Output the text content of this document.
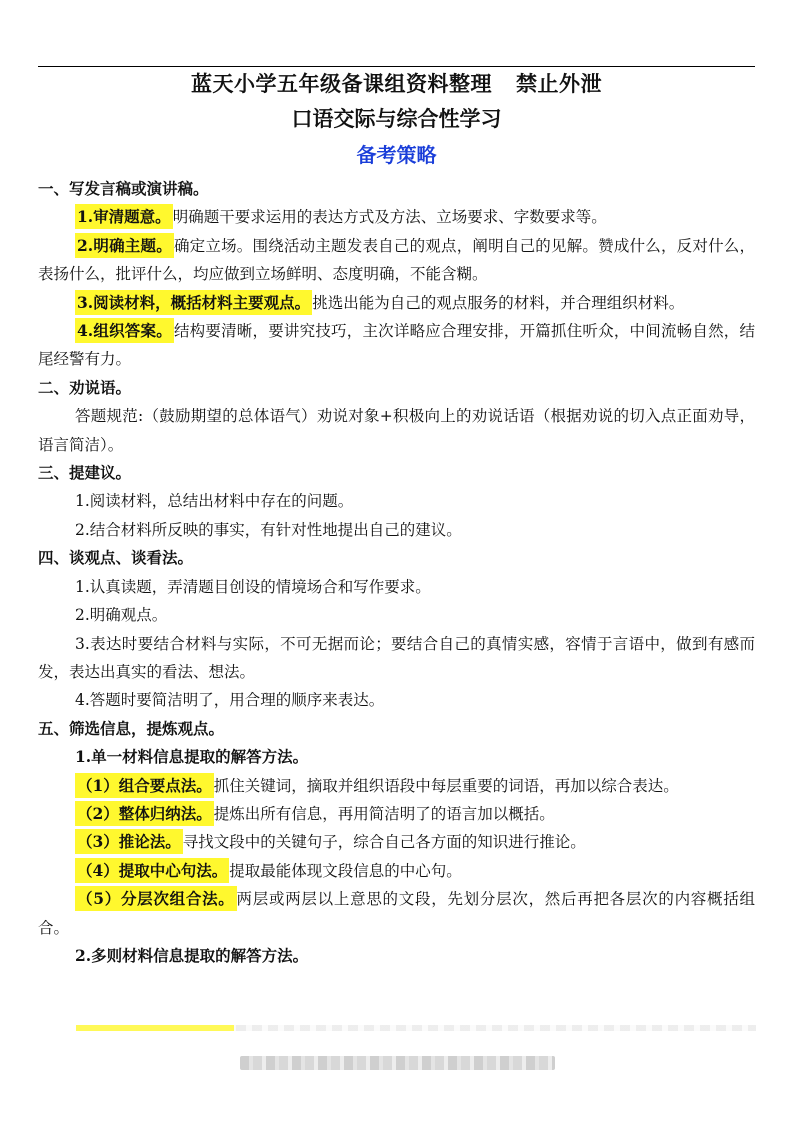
蓝天小学五年级备课组资料整理 禁止外泄
口语交际与综合性学习
备考策略

一、写发言稿或演讲稿。

1.审清题意。 明确题干要求运用的表达方式及方法、立场要求、字数要求等。

2.明确主题。 确定立场。围绕活动主题发表自己的观点，阐明自己的见解。赞成什么，反对什么，表扬什么，批评什么，均应做到立场鲜明、态度明确，不能含糊。

3.阅读材料，概括材料主要观点。 挑选出能为自己的观点服务的材料，并合理组织材料。

4.组织答案。 结构要清晰，要讲究技巧，主次详略应合理安排，开篇抓住听众，中间流畅自然，结尾经警有力。

二、劝说语。

答题规范:（鼓励期望的总体语气）劝说对象+积极向上的劝说话语（根据劝说的切入点正面劝导，语言简洁）。

三、提建议。

1.阅读材料，总结出材料中存在的问题。

2.结合材料所反映的事实，有针对性地提出自己的建议。

四、谈观点、谈看法。

1.认真读题，弄清题目创设的情境场合和写作要求。

2.明确观点。

3.表达时要结合材料与实际，不可无据而论；要结合自己的真情实感，容情于言语中，做到有感而发，表达出真实的看法、想法。

4.答题时要简洁明了，用合理的顺序来表达。

五、筛选信息，提炼观点。

1.单一材料信息提取的解答方法。

（1）组合要点法。 抓住关键词，摘取并组织语段中每层重要的词语，再加以综合表达。

（2）整体归纳法。 提炼出所有信息，再用简洁明了的语言加以概括。

（3）推论法。 寻找文段中的关键句子，综合自己各方面的知识进行推论。

（4）提取中心句法。 提取最能体现文段信息的中心句。

（5）分层次组合法。 两层或两层以上意思的文段，先划分层次，然后再把各层次的内容概括组合。

2.多则材料信息提取的解答方法。
